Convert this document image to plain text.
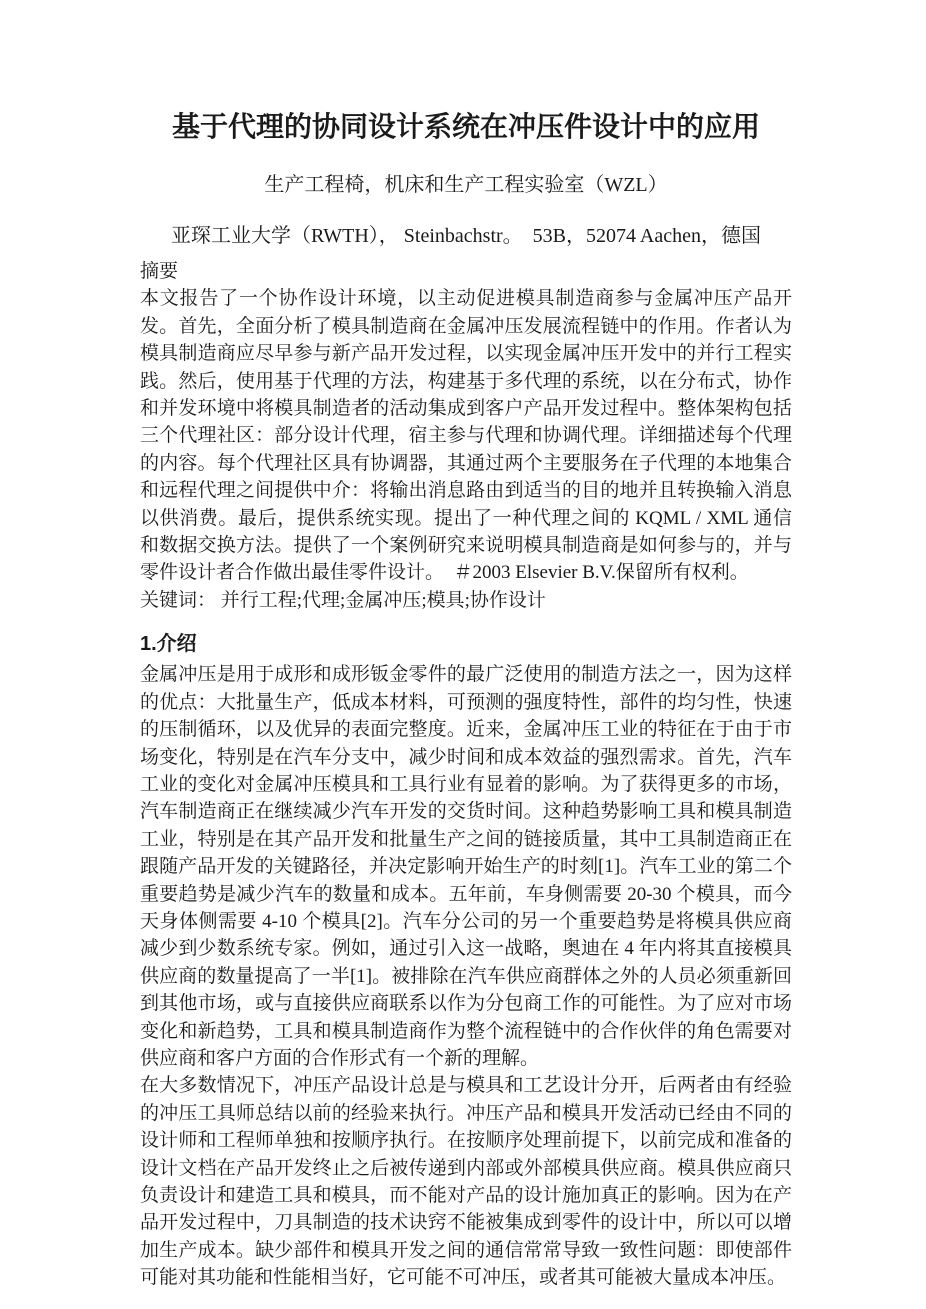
基于代理的协同设计系统在冲压件设计中的应用
生产工程椅，机床和生产工程实验室（WZL）

亚琛工业大学（RWTH）， Steinbachstr。　53B，52074 Aachen，德国

摘要

本文报告了一个协作设计环境，以主动促进模具制造商参与金属冲压产品开发。首先，全面分析了模具制造商在金属冲压发展流程链中的作用。作者认为模具制造商应尽早参与新产品开发过程，以实现金属冲压开发中的并行工程实践。然后，使用基于代理的方法，构建基于多代理的系统，以在分布式，协作和并发环境中将模具制造者的活动集成到客户产品开发过程中。整体架构包括三个代理社区：部分设计代理，宿主参与代理和协调代理。详细描述每个代理的内容。每个代理社区具有协调器，其通过两个主要服务在子代理的本地集合和远程代理之间提供中介：将输出消息路由到适当的目的地并且转换输入消息以供消费。最后，提供系统实现。提出了一种代理之间的 KQML / XML 通信和数据交换方法。提供了一个案例研究来说明模具制造商是如何参与的，并与零件设计者合作做出最佳零件设计。　＃2003 Elsevier B.V.保留所有权利。

关键词： 并行工程;代理;金属冲压;模具;协作设计

1.介绍

金属冲压是用于成形和成形钣金零件的最广泛使用的制造方法之一，因为这样的优点：大批量生产，低成本材料，可预测的强度特性，部件的均匀性，快速的压制循环，以及优异的表面完整度。近来，金属冲压工业的特征在于由于市场变化，特别是在汽车分支中，减少时间和成本效益的强烈需求。首先，汽车工业的变化对金属冲压模具和工具行业有显着的影响。为了获得更多的市场，汽车制造商正在继续减少汽车开发的交货时间。这种趋势影响工具和模具制造工业，特别是在其产品开发和批量生产之间的链接质量，其中工具制造商正在跟随产品开发的关键路径，并决定影响开始生产的时刻[1]。汽车工业的第二个重要趋势是减少汽车的数量和成本。五年前，车身侧需要 20-30 个模具，而今天身体侧需要 4-10 个模具[2]。汽车分公司的另一个重要趋势是将模具供应商减少到少数系统专家。例如，通过引入这一战略，奥迪在 4 年内将其直接模具供应商的数量提高了一半[1]。被排除在汽车供应商群体之外的人员必须重新回到其他市场，或与直接供应商联系以作为分包商工作的可能性。为了应对市场变化和新趋势，工具和模具制造商作为整个流程链中的合作伙伴的角色需要对供应商和客户方面的合作形式有一个新的理解。

在大多数情况下，冲压产品设计总是与模具和工艺设计分开，后两者由有经验的冲压工具师总结以前的经验来执行。冲压产品和模具开发活动已经由不同的设计师和工程师单独和按顺序执行。在按顺序处理前提下，以前完成和准备的设计文档在产品开发终止之后被传递到内部或外部模具供应商。模具供应商只负责设计和建造工具和模具，而不能对产品的设计施加真正的影响。因为在产品开发过程中，刀具制造的技术诀窍不能被集成到零件的设计中，所以可以增加生产成本。缺少部件和模具开发之间的通信常常导致一致性问题：即使部件可能对其功能和性能相当好，它可能不可冲压，或者其可能被大量成本冲压。
